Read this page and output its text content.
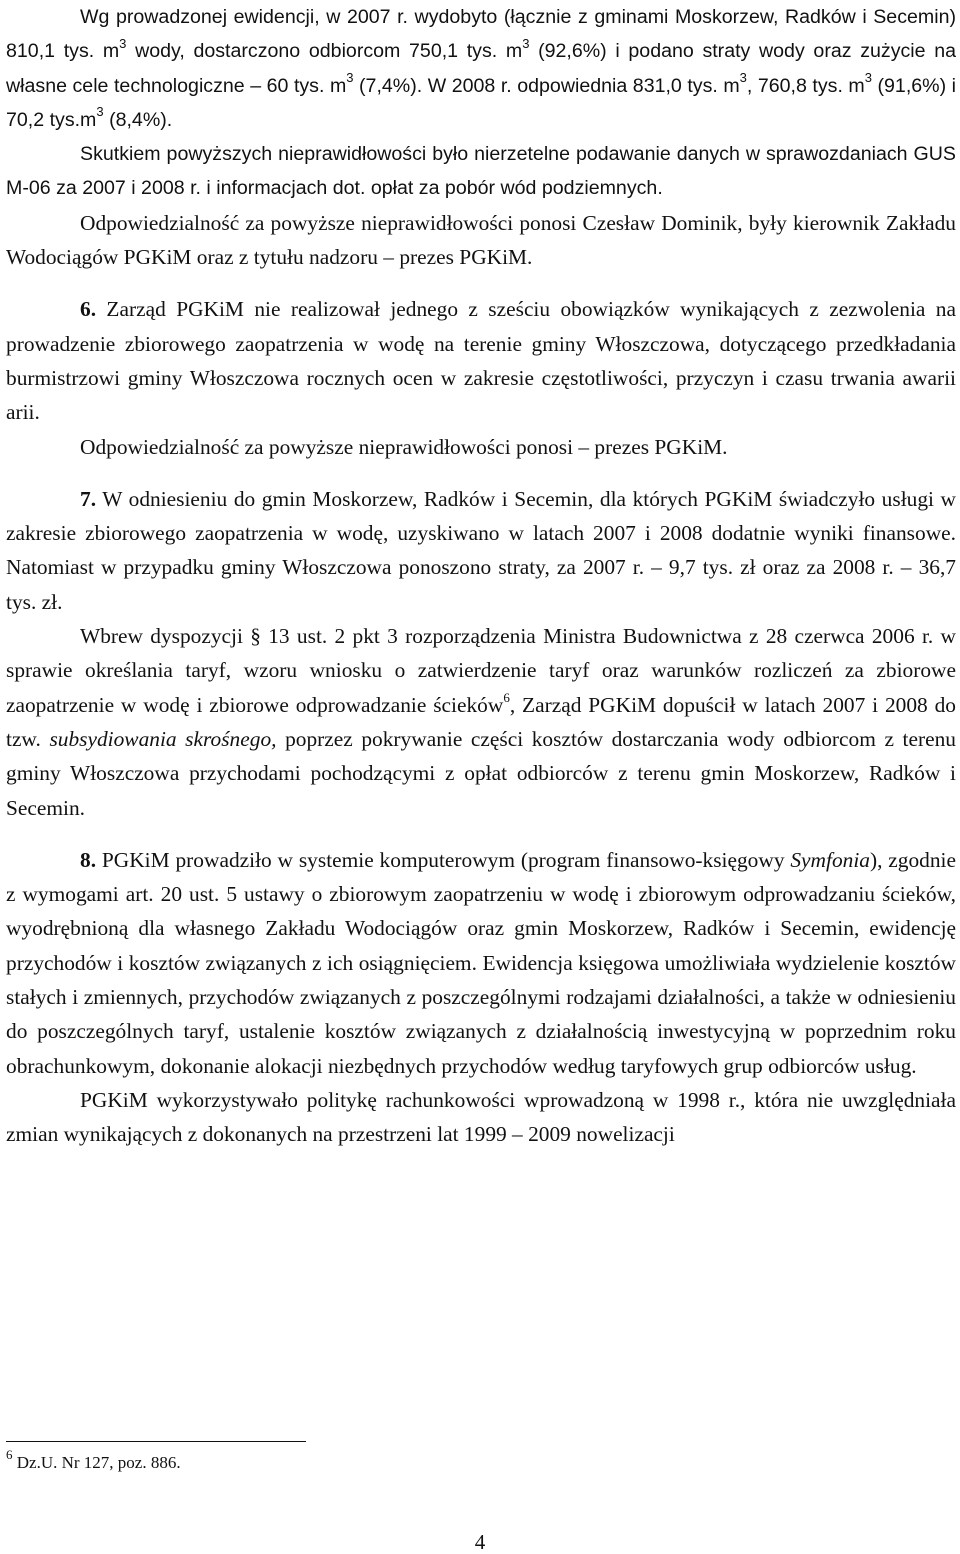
Wg prowadzonej ewidencji, w 2007 r. wydobyto (łącznie z gminami Moskorzew, Radków i Secemin) 810,1 tys. $m^3$ wody, dostarczono odbiorcom 750,1 tys. $m^3$ (92,6%) i podano straty wody oraz zużycie na własne cele technologiczne – 60 tys. $m^3$ (7,4%). W 2008 r. odpowiednia 831,0 tys. $m^3$, 760,8 tys. $m^3$ (91,6%) i 70,2 $tys.m^3$ (8,4%).

Skutkiem powyższych nieprawidłowości było nierzetelne podawanie danych w sprawozdaniach GUS M-06 za 2007 i 2008 r. i informacjach dot. opłat za pobór wód podziemnych.

Odpowiedzialność za powyższe nieprawidłowości ponosi Czesław Dominik, były kierownik Zakładu Wodociągów PGKiM oraz z tytułu nadzoru – prezes PGKiM.

6. Zarząd PGKiM nie realizował jednego z sześciu obowiązków wynikających z zezwolenia na prowadzenie zbiorowego zaopatrzenia w wodę na terenie gminy Włoszczowa, dotyczącego przedkładania burmistrzowi gminy Włoszczowa rocznych ocen w zakresie częstotliwości, przyczyn i czasu trwania awarii arii.

Odpowiedzialność za powyższe nieprawidłowości ponosi – prezes PGKiM.

7. W odniesieniu do gmin Moskorzew, Radków i Secemin, dla których PGKiM świadczyło usługi w zakresie zbiorowego zaopatrzenia w wodę, uzyskiwano w latach 2007 i 2008 dodatnie wyniki finansowe. Natomiast w przypadku gminy Włoszczowa ponoszono straty, za 2007 r. – 9,7 tys. zł oraz za 2008 r. – 36,7 tys. zł.

Wbrew dyspozycji § 13 ust. 2 pkt 3 rozporządzenia Ministra Budownictwa z 28 czerwca 2006 r. w sprawie określania taryf, wzoru wniosku o zatwierdzenie taryf oraz warunków rozliczeń za zbiorowe zaopatrzenie w wodę i zbiorowe odprowadzanie ścieków$^6$, Zarząd PGKiM dopuścił w latach 2007 i 2008 do tzw. subsydiowania skrośnego, poprzez pokrywanie części kosztów dostarczania wody odbiorcom z terenu gminy Włoszczowa przychodami pochodzącymi z opłat odbiorców z terenu gmin Moskorzew, Radków i Secemin.

8. PGKiM prowadziło w systemie komputerowym (program finansowo-księgowy Symfonia), zgodnie z wymogami art. 20 ust. 5 ustawy o zbiorowym zaopatrzeniu w wodę i zbiorowym odprowadzaniu ścieków, wyodrębnioną dla własnego Zakładu Wodociągów oraz gmin Moskorzew, Radków i Secemin, ewidencję przychodów i kosztów związanych z ich osiągnięciem. Ewidencja księgowa umożliwiała wydzielenie kosztów stałych i zmiennych, przychodów związanych z poszczególnymi rodzajami działalności, a także w odniesieniu do poszczególnych taryf, ustalenie kosztów związanych z działalnością inwestycyjną w poprzednim roku obrachunkowym, dokonanie alokacji niezbędnych przychodów według taryfowych grup odbiorców usług.

PGKiM wykorzystywało politykę rachunkowości wprowadzoną w 1998 r., która nie uwzględniała zmian wynikających z dokonanych na przestrzeni lat 1999 – 2009 nowelizacji

$^6$ Dz.U. Nr 127, poz. 886.

4
